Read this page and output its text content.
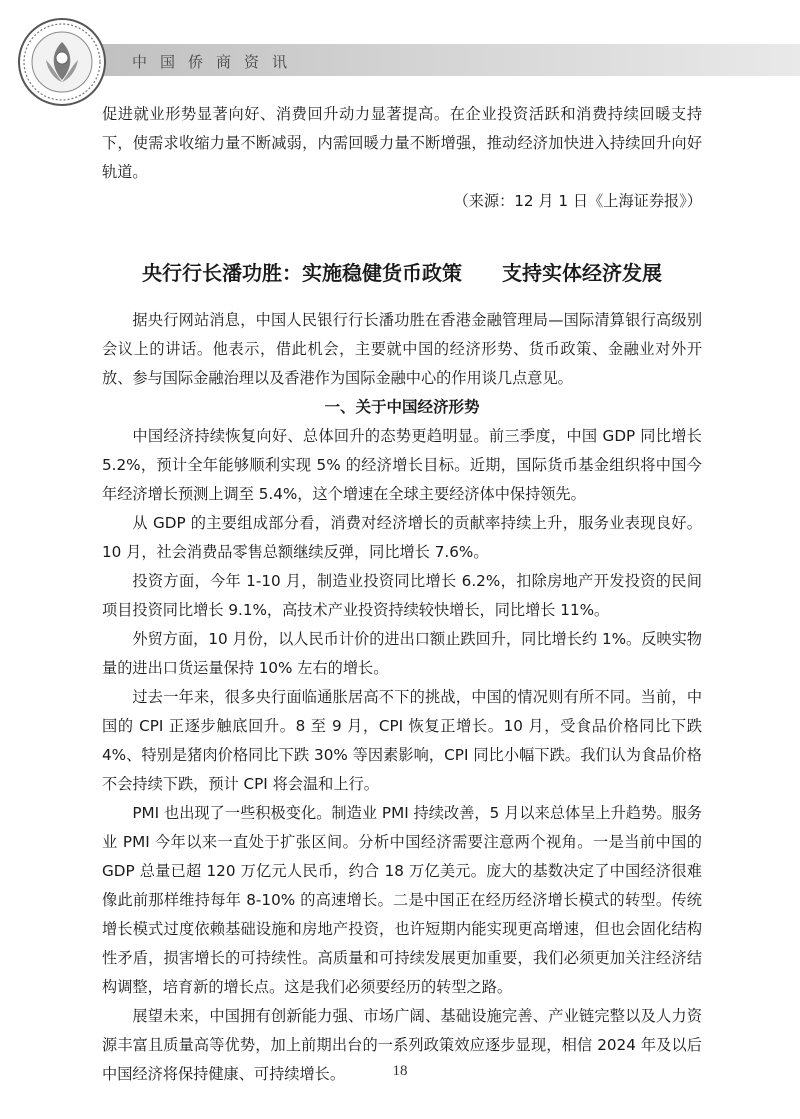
中国侨商资讯

促进就业形势显著向好、消费回升动力显著提高。在企业投资活跃和消费持续回暖支持下，使需求收缩力量不断减弱，内需回暖力量不断增强，推动经济加快进入持续回升向好轨道。

（来源：12 月 1 日《上海证券报》）

央行行长潘功胜：实施稳健货币政策　　支持实体经济发展

据央行网站消息，中国人民银行行长潘功胜在香港金融管理局—国际清算银行高级别会议上的讲话。他表示，借此机会，主要就中国的经济形势、货币政策、金融业对外开放、参与国际金融治理以及香港作为国际金融中心的作用谈几点意见。

一、关于中国经济形势

中国经济持续恢复向好、总体回升的态势更趋明显。前三季度，中国 GDP 同比增长 5.2%，预计全年能够顺利实现 5% 的经济增长目标。近期，国际货币基金组织将中国今年经济增长预测上调至 5.4%，这个增速在全球主要经济体中保持领先。

从 GDP 的主要组成部分看，消费对经济增长的贡献率持续上升，服务业表现良好。10 月，社会消费品零售总额继续反弹，同比增长 7.6%。

投资方面，今年 1-10 月，制造业投资同比增长 6.2%，扣除房地产开发投资的民间项目投资同比增长 9.1%，高技术产业投资持续较快增长，同比增长 11%。

外贸方面，10 月份，以人民币计价的进出口额止跌回升，同比增长约 1%。反映实物量的进出口货运量保持 10% 左右的增长。

过去一年来，很多央行面临通胀居高不下的挑战，中国的情况则有所不同。当前，中国的 CPI 正逐步触底回升。8 至 9 月，CPI 恢复正增长。10 月，受食品价格同比下跌 4%、特别是猪肉价格同比下跌 30% 等因素影响，CPI 同比小幅下跌。我们认为食品价格不会持续下跌，预计 CPI 将会温和上行。

PMI 也出现了一些积极变化。制造业 PMI 持续改善，5 月以来总体呈上升趋势。服务业 PMI 今年以来一直处于扩张区间。分析中国经济需要注意两个视角。一是当前中国的 GDP 总量已超 120 万亿元人民币，约合 18 万亿美元。庞大的基数决定了中国经济很难像此前那样维持每年 8-10% 的高速增长。二是中国正在经历经济增长模式的转型。传统增长模式过度依赖基础设施和房地产投资，也许短期内能实现更高增速，但也会固化结构性矛盾，损害增长的可持续性。高质量和可持续发展更加重要，我们必须更加关注经济结构调整，培育新的增长点。这是我们必须要经历的转型之路。

展望未来，中国拥有创新能力强、市场广阔、基础设施完善、产业链完整以及人力资源丰富且质量高等优势，加上前期出台的一系列政策效应逐步显现，相信 2024 年及以后中国经济将保持健康、可持续增长。	18
